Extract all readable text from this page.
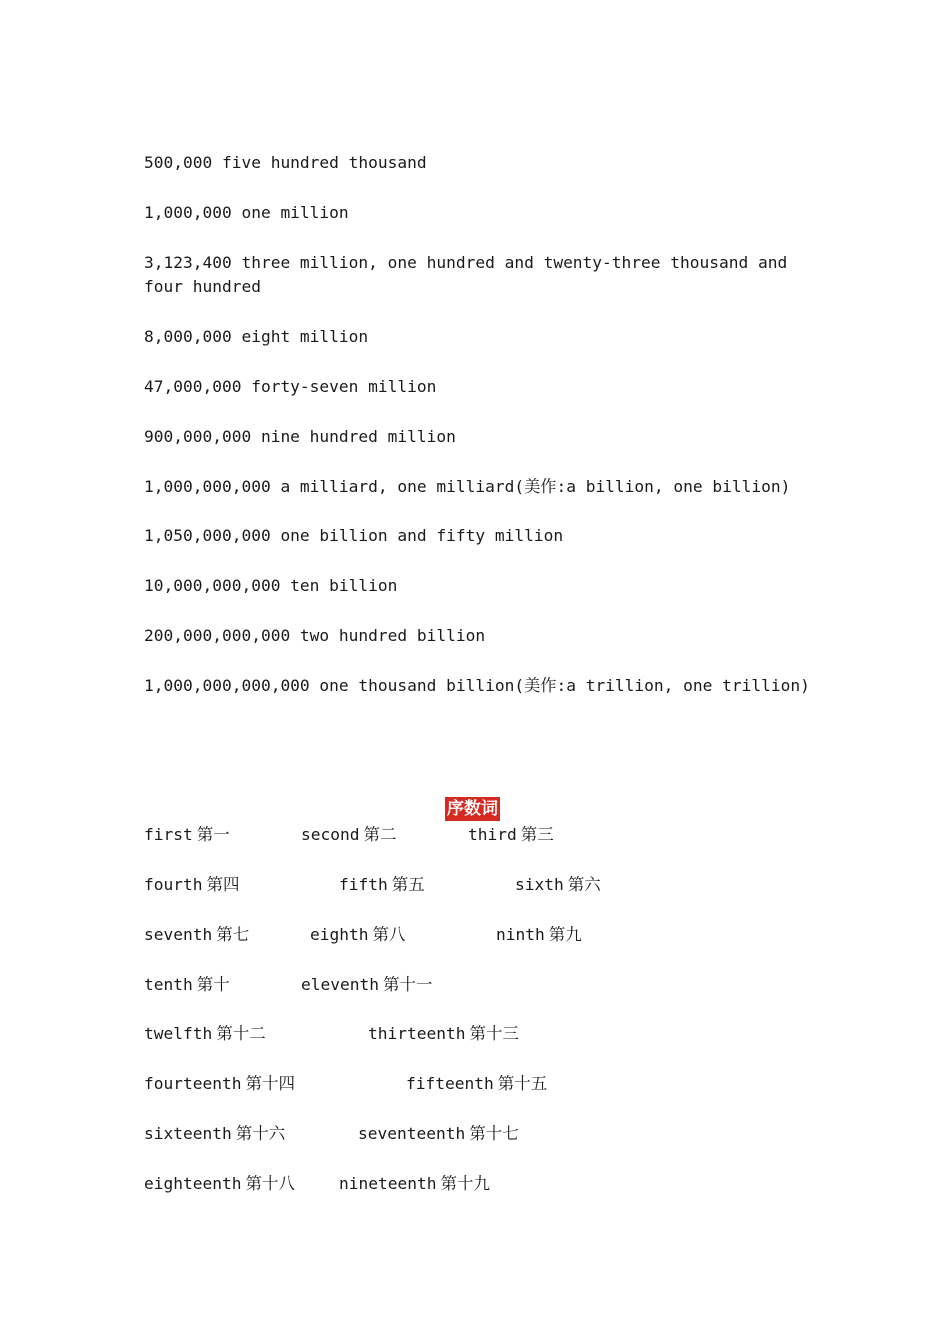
500,000 five hundred thousand
1,000,000 one million
3,123,400 three million, one hundred and twenty-three thousand and four hundred
8,000,000 eight million
47,000,000 forty-seven million
900,000,000 nine hundred million
1,000,000,000 a milliard, one milliard(美作:a billion, one billion)
1,050,000,000 one billion and fifty million
10,000,000,000 ten billion
200,000,000,000 two hundred billion
1,000,000,000,000 one thousand billion(美作:a trillion, one trillion)
序数词
first 第一	second 第二	third 第三
fourth 第四	fifth 第五	sixth 第六
seventh 第七	eighth 第八	ninth 第九
tenth 第十	eleventh 第十一
twelfth 第十二	thirteenth 第十三
fourteenth 第十四	fifteenth 第十五
sixteenth 第十六	seventeenth 第十七
eighteenth 第十八	nineteenth 第十九
